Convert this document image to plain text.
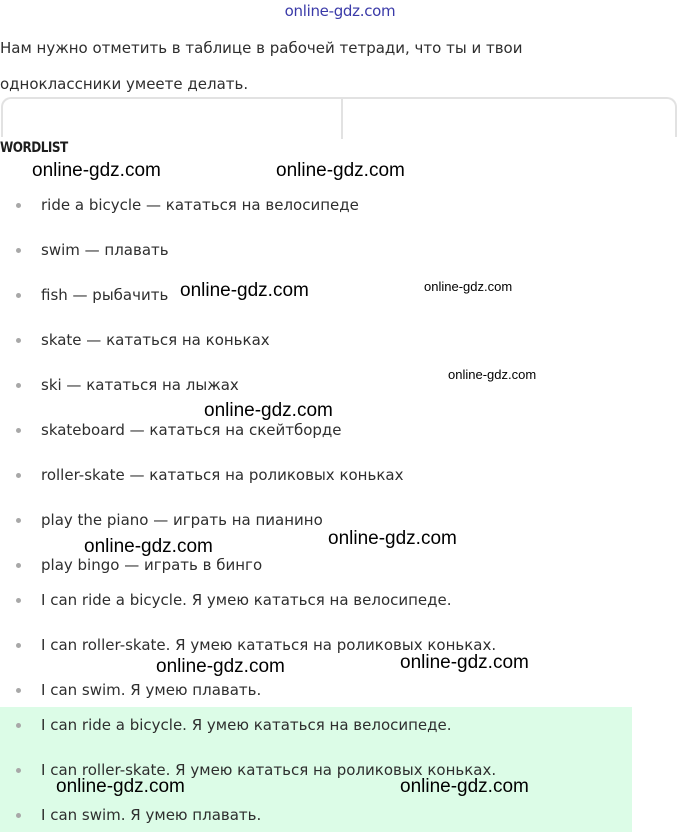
online-gdz.com
Нам нужно отметить в таблице в рабочей тетради, что ты и твои
одноклассники умеете делать.
WORDLIST
ride a bicycle — кататься на велосипеде
swim — плавать
fish — рыбачить
skate — кататься на коньках
ski — кататься на лыжах
skateboard — кататься на скейтборде
roller-skate — кататься на роликовых коньках
play the piano — играть на пианино
play bingo — играть в бинго
I can ride a bicycle. Я умею кататься на велосипеде.
I can roller-skate. Я умею кататься на роликовых коньках.
I can swim. Я умею плавать.
I can ride a bicycle. Я умею кататься на велосипеде.
I can roller-skate. Я умею кататься на роликовых коньках.
I can swim. Я умею плавать.
online-gdz.com	online-gdz.com
online-gdz.com	online-gdz.com
online-gdz.com
online-gdz.com
online-gdz.com
online-gdz.com
online-gdz.com
online-gdz.com
online-gdz.com	online-gdz.com
